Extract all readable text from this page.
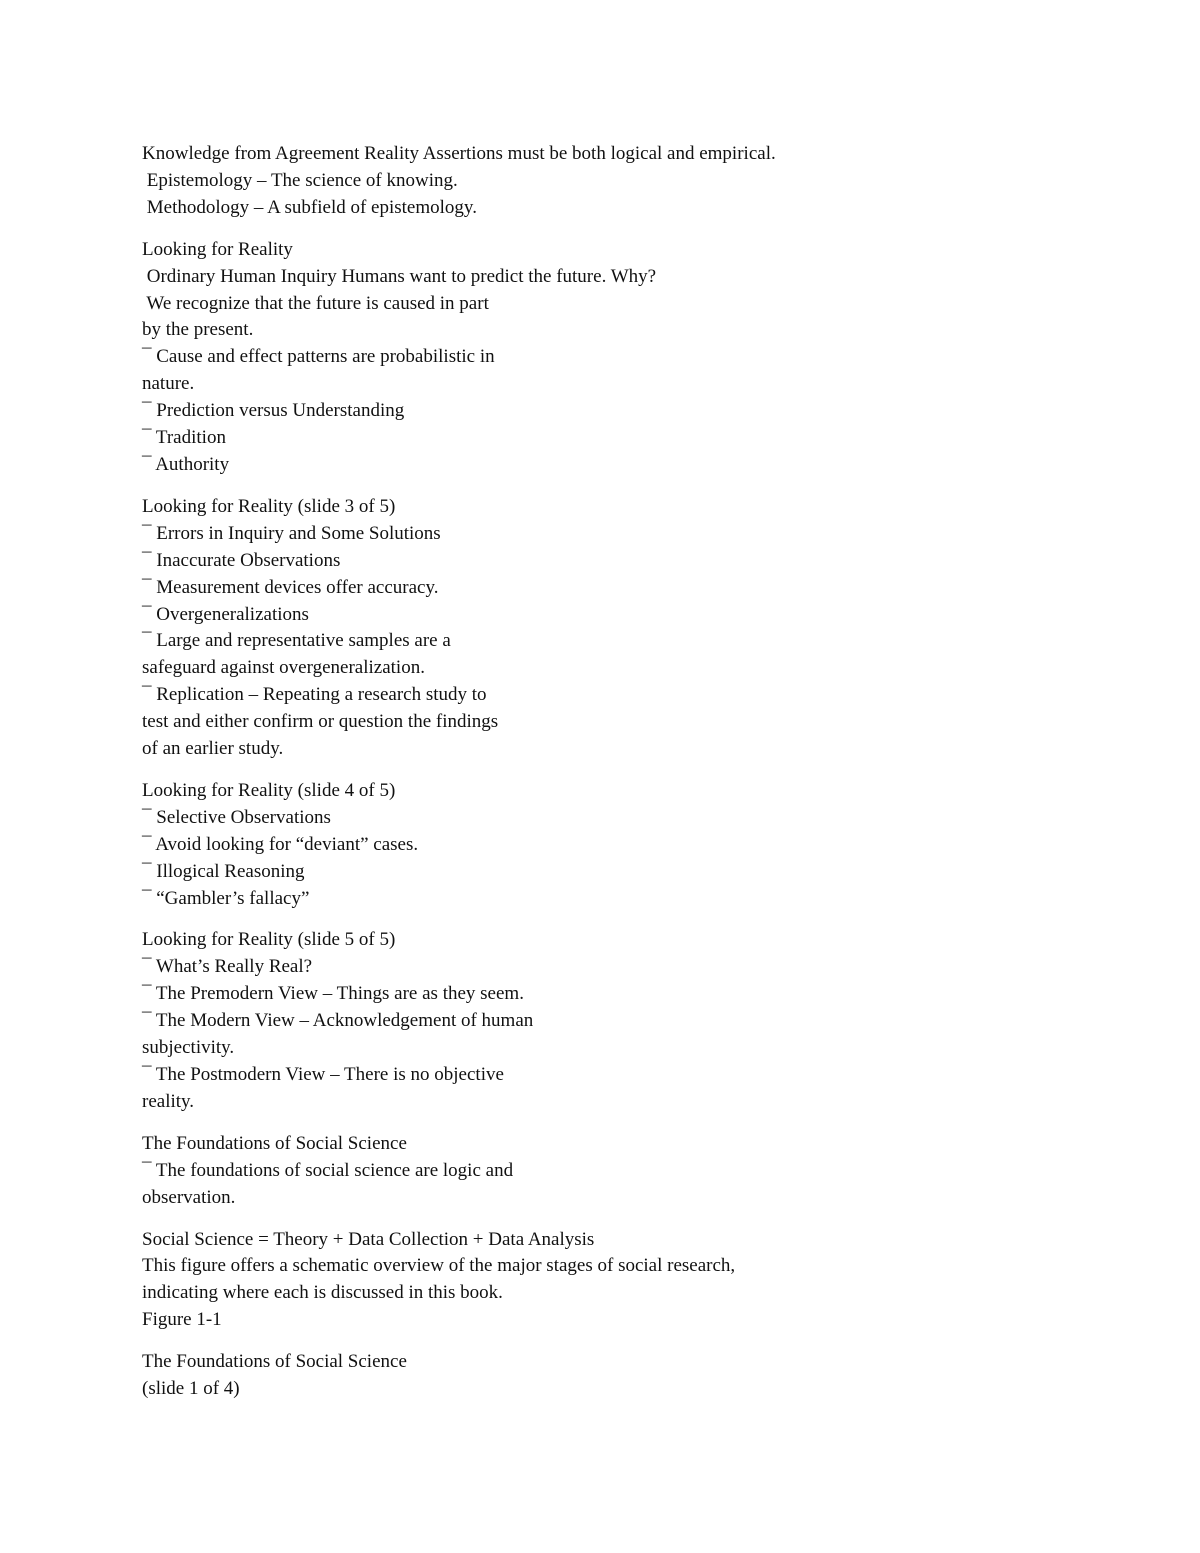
Knowledge from Agreement Reality Assertions must be both logical and empirical.
Epistemology – The science of knowing.
Methodology – A subfield of epistemology.
Looking for Reality
Ordinary Human Inquiry Humans want to predict the future. Why?
We recognize that the future is caused in part
by the present.
¯ Cause and effect patterns are probabilistic in
nature.
¯ Prediction versus Understanding
¯ Tradition
¯ Authority
Looking for Reality (slide 3 of 5)
¯ Errors in Inquiry and Some Solutions
¯ Inaccurate Observations
¯ Measurement devices offer accuracy.
¯ Overgeneralizations
¯ Large and representative samples are a
safeguard against overgeneralization.
¯ Replication – Repeating a research study to
test and either confirm or question the findings
of an earlier study.
Looking for Reality (slide 4 of 5)
¯ Selective Observations
¯ Avoid looking for “deviant” cases.
¯ Illogical Reasoning
¯ “Gambler’s fallacy”
Looking for Reality (slide 5 of 5)
¯ What’s Really Real?
¯ The Premodern View – Things are as they seem.
¯ The Modern View – Acknowledgement of human
subjectivity.
¯ The Postmodern View – There is no objective
reality.
The Foundations of Social Science
¯ The foundations of social science are logic and
observation.
Social Science = Theory + Data Collection + Data Analysis
This figure offers a schematic overview of the major stages of social research,
indicating where each is discussed in this book.
Figure 1-1
The Foundations of Social Science
(slide 1 of 4)
